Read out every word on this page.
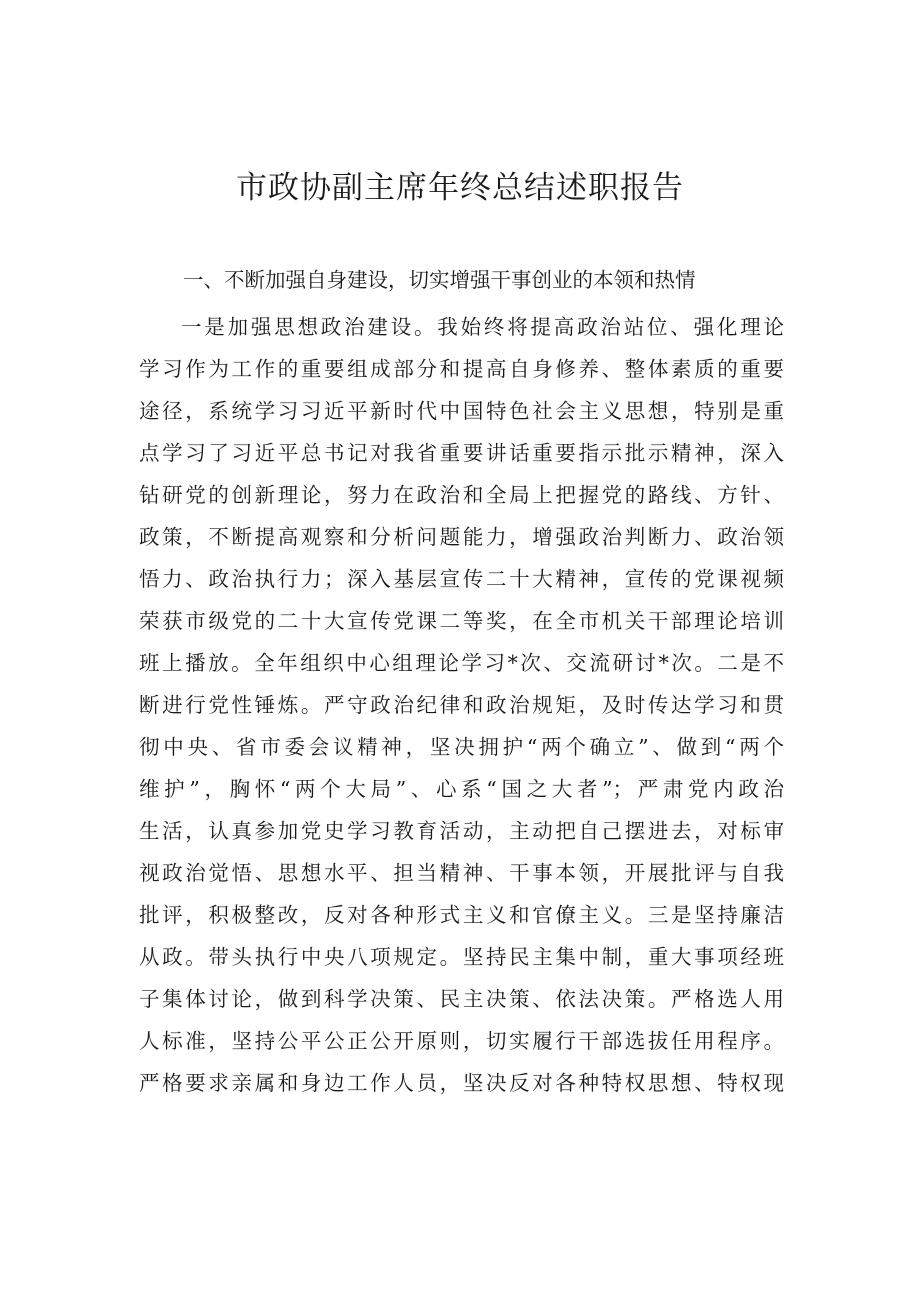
市政协副主席年终总结述职报告
一、不断加强自身建设，切实增强干事创业的本领和热情
一是加强思想政治建设。我始终将提高政治站位、强化理论
学习作为工作的重要组成部分和提高自身修养、整体素质的重要
途径，系统学习习近平新时代中国特色社会主义思想，特别是重
点学习了习近平总书记对我省重要讲话重要指示批示精神，深入
钻研党的创新理论，努力在政治和全局上把握党的路线、方针、
政策，不断提高观察和分析问题能力，增强政治判断力、政治领
悟力、政治执行力；深入基层宣传二十大精神，宣传的党课视频
荣获市级党的二十大宣传党课二等奖，在全市机关干部理论培训
班上播放。全年组织中心组理论学习*次、交流研讨*次。二是不
断进行党性锤炼。严守政治纪律和政治规矩，及时传达学习和贯
彻中央、省市委会议精神，坚决拥护“两个确立”、做到“两个
维护”，胸怀“两个大局”、心系“国之大者”；严肃党内政治
生活，认真参加党史学习教育活动，主动把自己摆进去，对标审
视政治觉悟、思想水平、担当精神、干事本领，开展批评与自我
批评，积极整改，反对各种形式主义和官僚主义。三是坚持廉洁
从政。带头执行中央八项规定。坚持民主集中制，重大事项经班
子集体讨论，做到科学决策、民主决策、依法决策。严格选人用
人标准，坚持公平公正公开原则，切实履行干部选拔任用程序。
严格要求亲属和身边工作人员，坚决反对各种特权思想、特权现
